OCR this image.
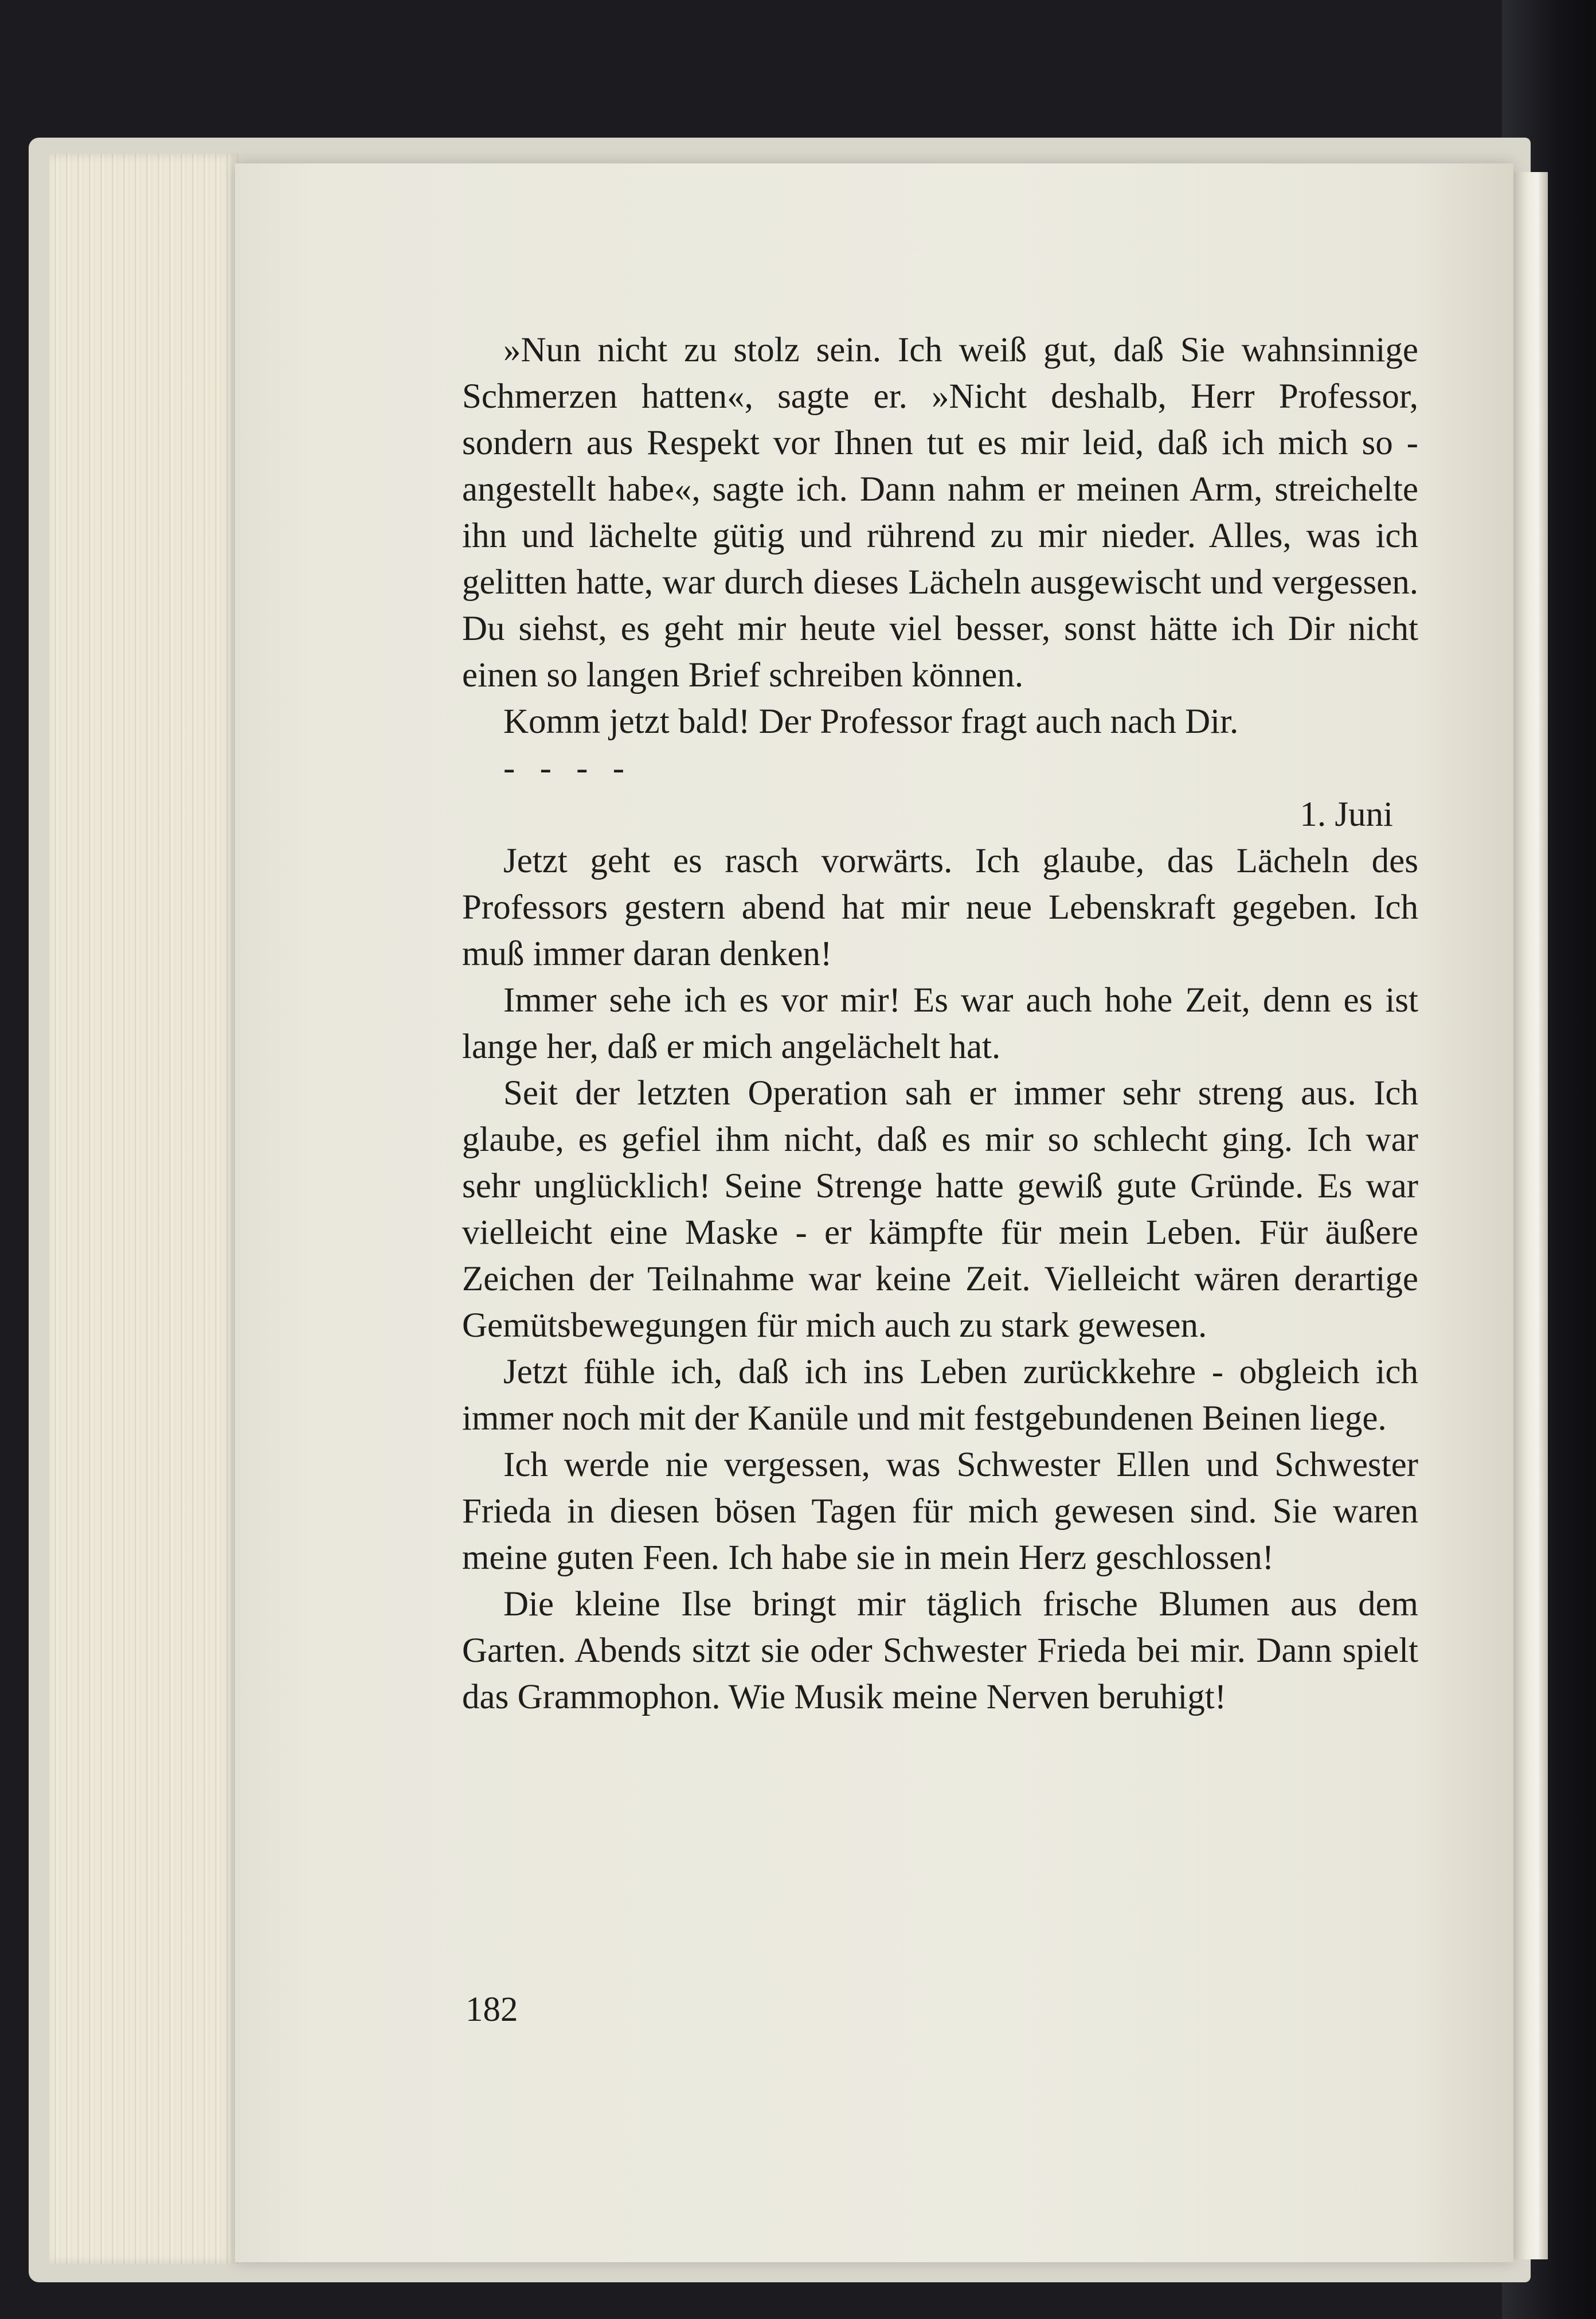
»Nun nicht zu stolz sein. Ich weiß gut, daß Sie wahnsinnige Schmerzen hatten«, sagte er. »Nicht deshalb, Herr Professor, sondern aus Respekt vor Ihnen tut es mir leid, daß ich mich so - angestellt habe«, sagte ich. Dann nahm er meinen Arm, streichelte ihn und lächelte gütig und rührend zu mir nieder. Alles, was ich gelitten hatte, war durch dieses Lächeln ausgewischt und vergessen. Du siehst, es geht mir heute viel besser, sonst hätte ich Dir nicht einen so langen Brief schreiben können.

Komm jetzt bald! Der Professor fragt auch nach Dir.

- - - -

1. Juni

Jetzt geht es rasch vorwärts. Ich glaube, das Lächeln des Professors gestern abend hat mir neue Lebenskraft gegeben. Ich muß immer daran denken!

Immer sehe ich es vor mir! Es war auch hohe Zeit, denn es ist lange her, daß er mich angelächelt hat.

Seit der letzten Operation sah er immer sehr streng aus. Ich glaube, es gefiel ihm nicht, daß es mir so schlecht ging. Ich war sehr unglücklich! Seine Strenge hatte gewiß gute Gründe. Es war vielleicht eine Maske - er kämpfte für mein Leben. Für äußere Zeichen der Teilnahme war keine Zeit. Vielleicht wären derartige Gemütsbewegungen für mich auch zu stark gewesen.

Jetzt fühle ich, daß ich ins Leben zurückkehre - obgleich ich immer noch mit der Kanüle und mit festgebundenen Beinen liege.

Ich werde nie vergessen, was Schwester Ellen und Schwester Frieda in diesen bösen Tagen für mich gewesen sind. Sie waren meine guten Feen. Ich habe sie in mein Herz geschlossen!

Die kleine Ilse bringt mir täglich frische Blumen aus dem Garten. Abends sitzt sie oder Schwester Frieda bei mir. Dann spielt das Grammophon. Wie Musik meine Nerven beruhigt!

182
